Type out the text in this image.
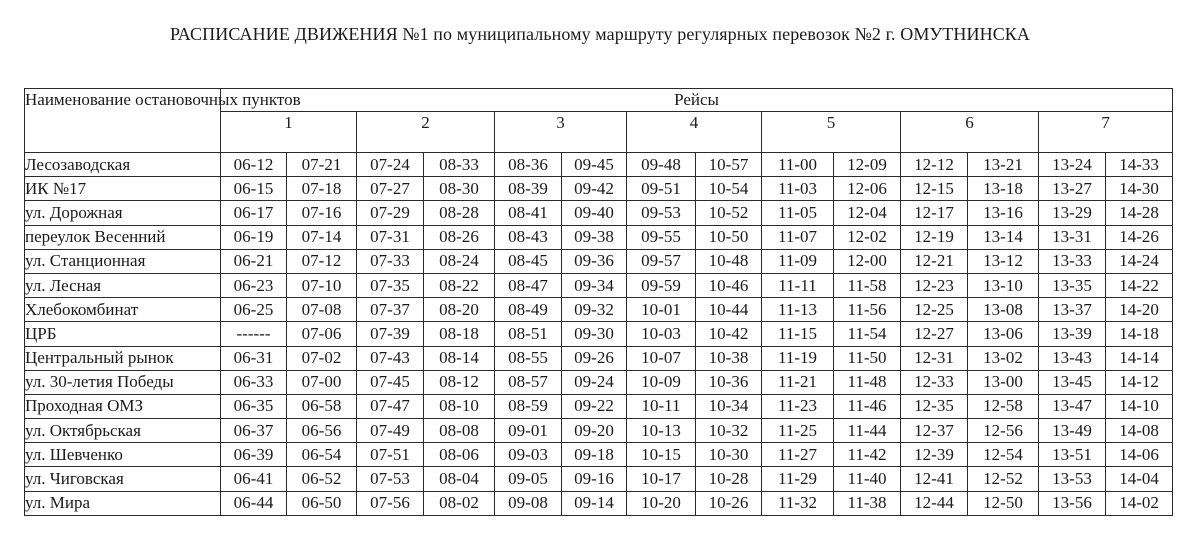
РАСПИСАНИЕ ДВИЖЕНИЯ №1 по муниципальному маршруту регулярных перевозок №2 г. ОМУТНИНСКА
Наименование остановочных пунктов	Рейсы													
	1		2		3		4		5		6		7	
Лесозаводская	06-12	07-21	07-24	08-33	08-36	09-45	09-48	10-57	11-00	12-09	12-12	13-21	13-24	14-33
ИК №17	06-15	07-18	07-27	08-30	08-39	09-42	09-51	10-54	11-03	12-06	12-15	13-18	13-27	14-30
ул. Дорожная	06-17	07-16	07-29	08-28	08-41	09-40	09-53	10-52	11-05	12-04	12-17	13-16	13-29	14-28
переулок Весенний	06-19	07-14	07-31	08-26	08-43	09-38	09-55	10-50	11-07	12-02	12-19	13-14	13-31	14-26
ул. Станционная	06-21	07-12	07-33	08-24	08-45	09-36	09-57	10-48	11-09	12-00	12-21	13-12	13-33	14-24
ул. Лесная	06-23	07-10	07-35	08-22	08-47	09-34	09-59	10-46	11-11	11-58	12-23	13-10	13-35	14-22
Хлебокомбинат	06-25	07-08	07-37	08-20	08-49	09-32	10-01	10-44	11-13	11-56	12-25	13-08	13-37	14-20
ЦРБ	------	07-06	07-39	08-18	08-51	09-30	10-03	10-42	11-15	11-54	12-27	13-06	13-39	14-18
Центральный рынок	06-31	07-02	07-43	08-14	08-55	09-26	10-07	10-38	11-19	11-50	12-31	13-02	13-43	14-14
ул. 30-летия Победы	06-33	07-00	07-45	08-12	08-57	09-24	10-09	10-36	11-21	11-48	12-33	13-00	13-45	14-12
Проходная ОМЗ	06-35	06-58	07-47	08-10	08-59	09-22	10-11	10-34	11-23	11-46	12-35	12-58	13-47	14-10
ул. Октябрьская	06-37	06-56	07-49	08-08	09-01	09-20	10-13	10-32	11-25	11-44	12-37	12-56	13-49	14-08
ул. Шевченко	06-39	06-54	07-51	08-06	09-03	09-18	10-15	10-30	11-27	11-42	12-39	12-54	13-51	14-06
ул. Чиговская	06-41	06-52	07-53	08-04	09-05	09-16	10-17	10-28	11-29	11-40	12-41	12-52	13-53	14-04
ул. Мира	06-44	06-50	07-56	08-02	09-08	09-14	10-20	10-26	11-32	11-38	12-44	12-50	13-56	14-02
